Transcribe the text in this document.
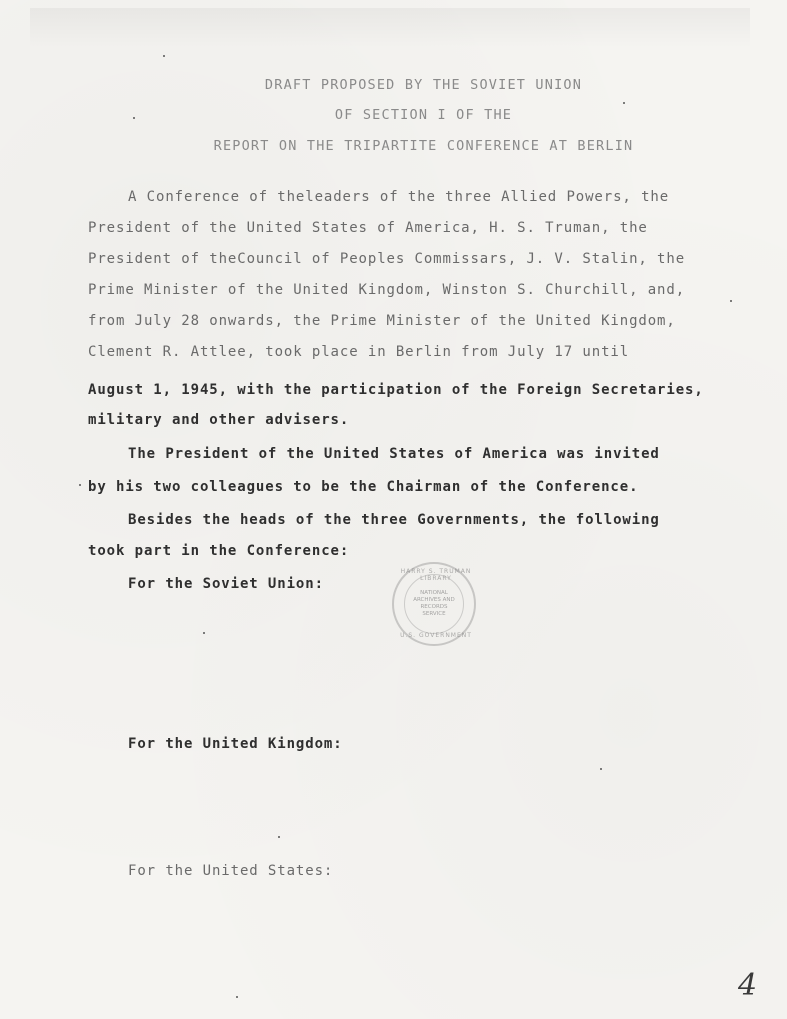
DRAFT PROPOSED BY THE SOVIET UNION
OF SECTION I OF THE
REPORT ON THE TRIPARTITE CONFERENCE AT BERLIN
A Conference of theleaders of the three Allied Powers, the
President of the United States of America, H. S. Truman, the
President of theCouncil of Peoples Commissars, J. V. Stalin, the
Prime Minister of the United Kingdom, Winston S. Churchill, and,
from July 28 onwards, the Prime Minister of the United Kingdom,
Clement R. Attlee, took place in Berlin from July 17 until
August 1, 1945, with the participation of the Foreign Secretaries,
military and other advisers.
The President of the United States of America was invited
by his two colleagues to be the Chairman of the Conference.
Besides the heads of the three Governments, the following
took part in the Conference:
For the Soviet Union:
For the United Kingdom:
For the United States:
HARRY S. TRUMAN LIBRARY
NATIONAL
ARCHIVES AND
RECORDS
SERVICE
U.S. GOVERNMENT
4
